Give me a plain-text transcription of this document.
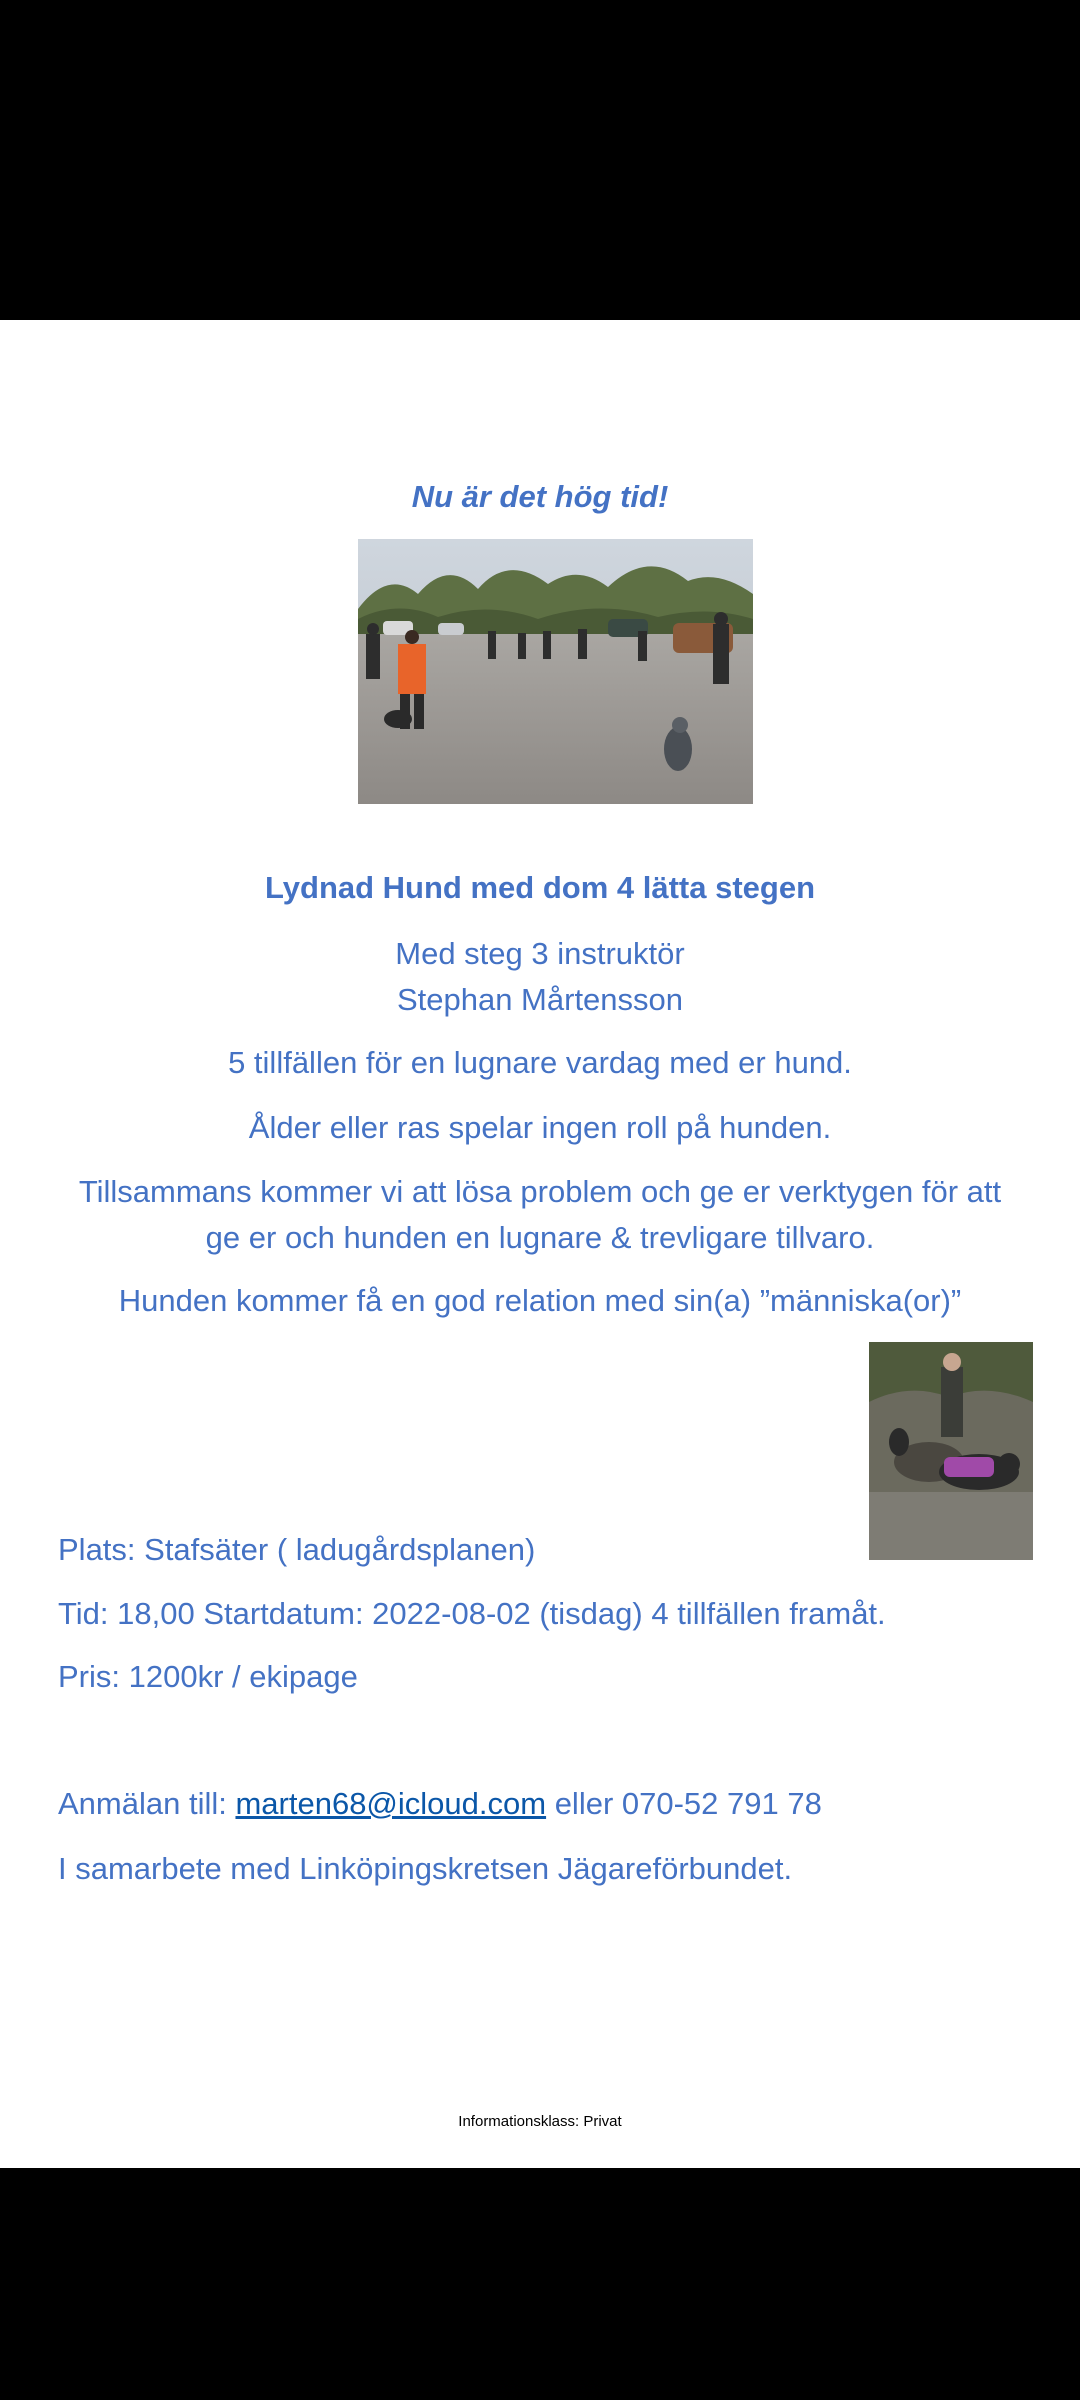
Nu är det hög tid!
Lydnad Hund med dom 4 lätta stegen
Med steg 3 instruktör
Stephan Mårtensson
5 tillfällen för en lugnare vardag med er hund.
Ålder eller ras spelar ingen roll på hunden.
Tillsammans kommer vi att lösa problem och ge er verktygen för att
ge er och hunden en lugnare & trevligare tillvaro.
Hunden kommer få en god relation med sin(a) ”människa(or)”
Plats: Stafsäter ( ladugårdsplanen)
Tid: 18,00 Startdatum: 2022-08-02 (tisdag) 4 tillfällen framåt.
Pris: 1200kr / ekipage
Anmälan till: marten68@icloud.com eller 070-52 791 78
I samarbete med Linköpingskretsen Jägareförbundet.
Informationsklass: Privat
